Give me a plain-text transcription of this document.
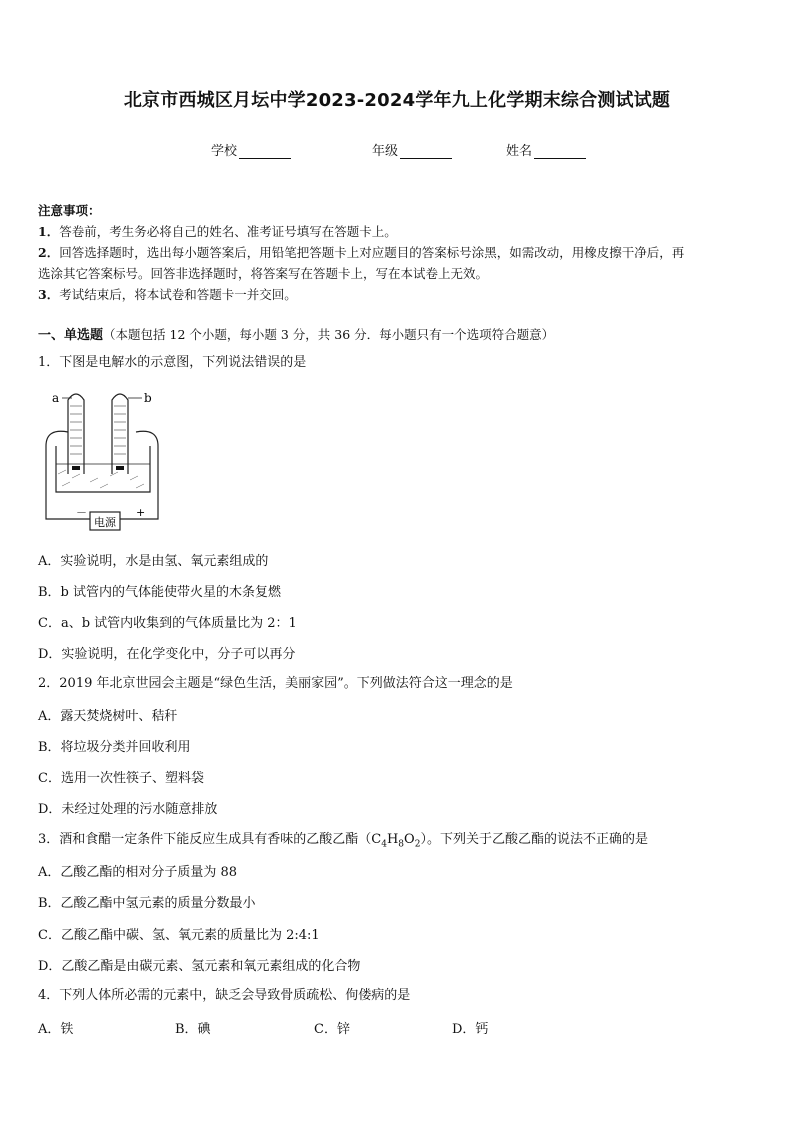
北京市西城区月坛中学2023-2024学年九上化学期末综合测试试题
学校	年级	姓名
注意事项：
1．答卷前，考生务必将自己的姓名、准考证号填写在答题卡上。
2．回答选择题时，选出每小题答案后，用铅笔把答题卡上对应题目的答案标号涂黑，如需改动，用橡皮擦干净后，再
选涂其它答案标号。回答非选择题时，将答案写在答题卡上，写在本试卷上无效。
3．考试结束后，将本试卷和答题卡一并交回。
一、单选题（本题包括 12 个小题，每小题 3 分，共 36 分．每小题只有一个选项符合题意）
1．下图是电解水的示意图，下列说法错误的是
a	b
电源
－	+
A．实验说明，水是由氢、氧元素组成的
B．b 试管内的气体能使带火星的木条复燃
C．a、b 试管内收集到的气体质量比为 2：1
D．实验说明，在化学变化中，分子可以再分
2．2019 年北京世园会主题是“绿色生活，美丽家园”。下列做法符合这一理念的是
A．露天焚烧树叶、秸秆
B．将垃圾分类并回收利用
C．选用一次性筷子、塑料袋
D．未经过处理的污水随意排放
3．酒和食醋一定条件下能反应生成具有香味的乙酸乙酯$(C_4H_8O_2)$。下列关于乙酸乙酯的说法不正确的是
A．乙酸乙酯的相对分子质量为 88
B．乙酸乙酯中氢元素的质量分数最小
C．乙酸乙酯中碳、氢、氧元素的质量比为 2:4:1
D．乙酸乙酯是由碳元素、氢元素和氧元素组成的化合物
4．下列人体所必需的元素中，缺乏会导致骨质疏松、佝偻病的是
A．铁	B．碘	C．锌	D．钙
